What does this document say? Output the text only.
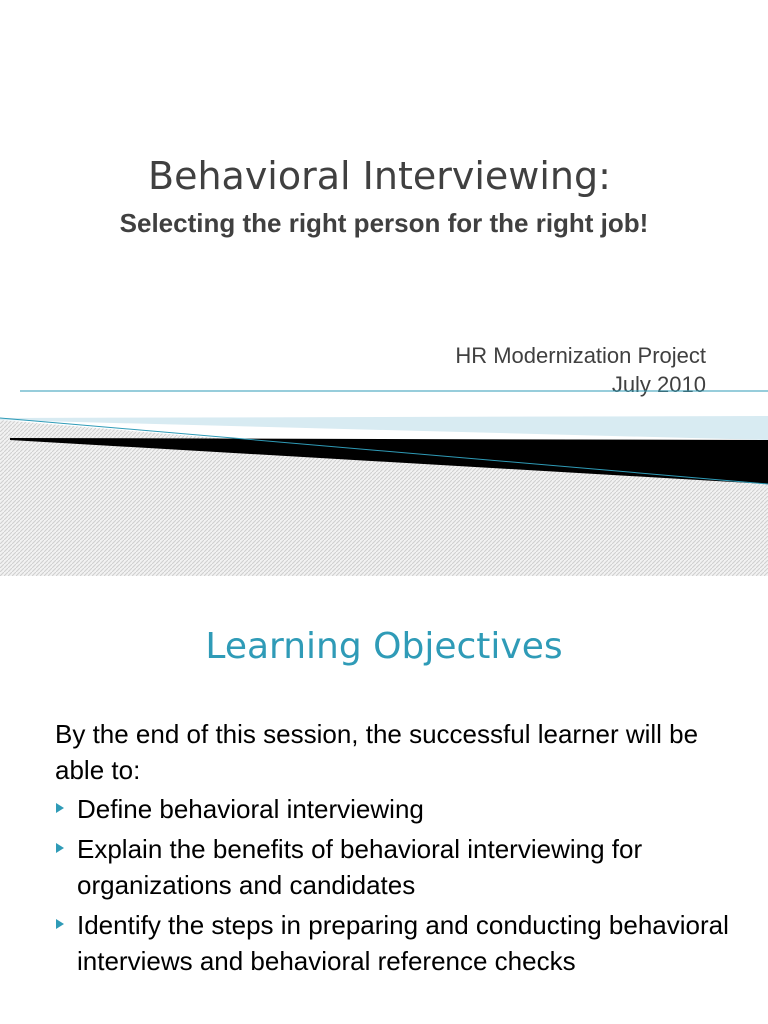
Behavioral Interviewing:
Selecting the right person for the right job!
HR Modernization Project
July 2010
Learning Objectives
By the end of this session, the successful learner will be able to:
Define behavioral interviewing
Explain the benefits of behavioral interviewing for organizations and candidates
Identify the steps in preparing and conducting behavioral interviews and behavioral reference checks
